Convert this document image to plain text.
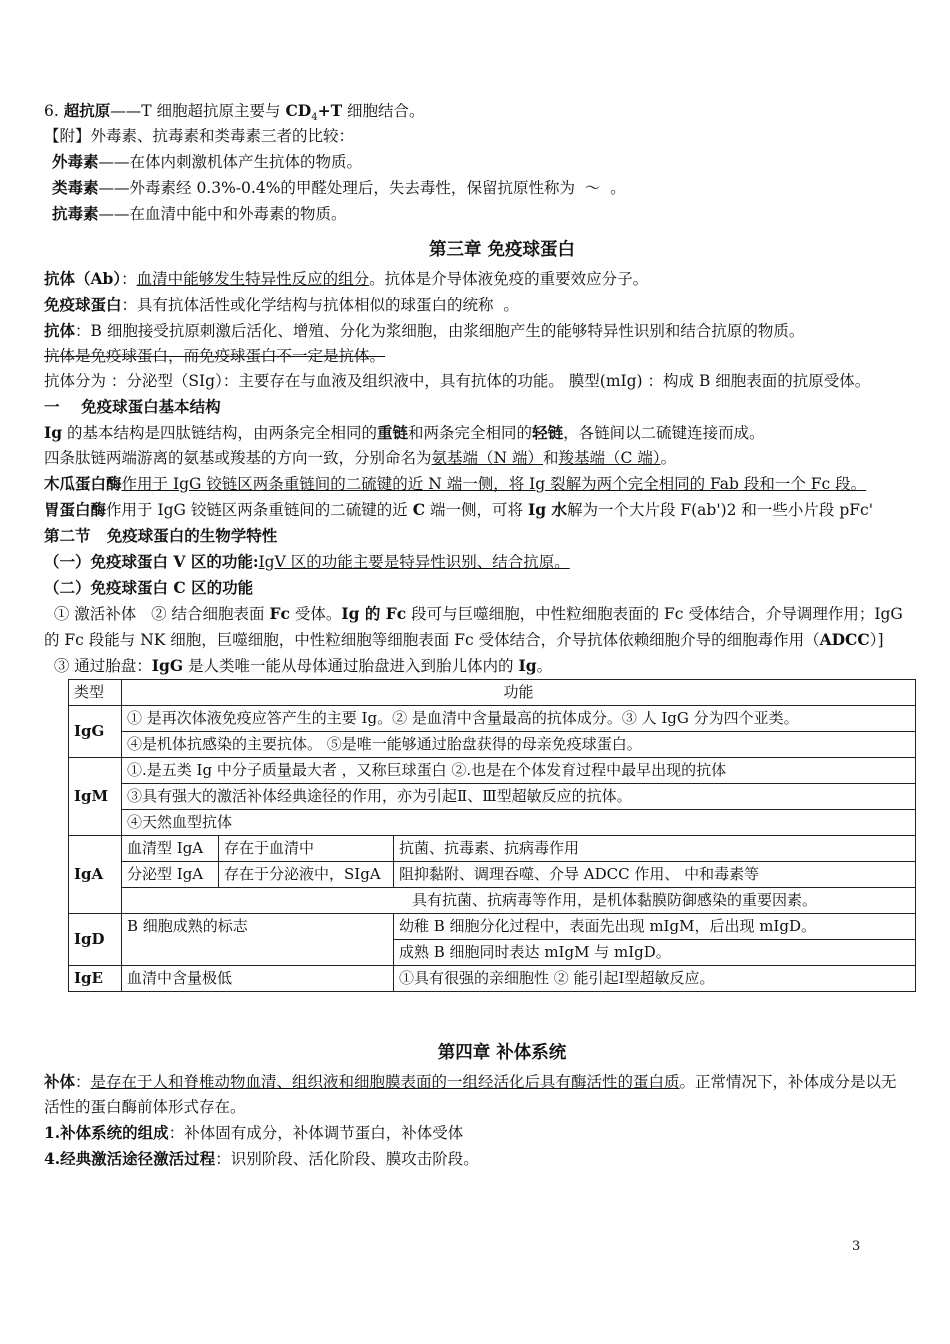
6. 超抗原——T 细胞超抗原主要与 $CD_4+T$ 细胞结合。

【附】外毒素、抗毒素和类毒素三者的比较：

外毒素——在体内刺激机体产生抗体的物质。

类毒素——外毒素经 0.3%-0.4%的甲醛处理后，失去毒性，保留抗原性称为  ～  。

抗毒素——在血清中能中和外毒素的物质。

第三章 免疫球蛋白

抗体（Ab）：血清中能够发生特异性反应的组分。抗体是介导体液免疫的重要效应分子。

免疫球蛋白：具有抗体活性或化学结构与抗体相似的球蛋白的统称  。

抗体：B 细胞接受抗原刺激后活化、增殖、分化为浆细胞，由浆细胞产生的能够特异性识别和结合抗原的物质。

抗体是免疫球蛋白，而免疫球蛋白不一定是抗体。

抗体分为 ：分泌型（SIg）：主要存在与血液及组织液中，具有抗体的功能。 膜型(mIg) ：构成 B 细胞表面的抗原受体。

一    免疫球蛋白基本结构

Ig 的基本结构是四肽链结构，由两条完全相同的重链和两条完全相同的轻链，各链间以二硫键连接而成。

四条肽链两端游离的氨基或羧基的方向一致，分别命名为氨基端（N 端）和羧基端（C 端）。

木瓜蛋白酶作用于 IgG 铰链区两条重链间的二硫键的近 N 端一侧，将 Ig 裂解为两个完全相同的 Fab 段和一个 Fc 段。

胃蛋白酶作用于 IgG 铰链区两条重链间的二硫键的近 C 端一侧，可将 Ig 水解为一个大片段 F(ab')2 和一些小片段 pFc'

第二节   免疫球蛋白的生物学特性

（一）免疫球蛋白 V 区的功能:IgV 区的功能主要是特异性识别、结合抗原。

（二）免疫球蛋白 C 区的功能

① 激活补体   ② 结合细胞表面 Fc 受体。Ig 的 Fc 段可与巨噬细胞，中性粒细胞表面的 Fc 受体结合，介导调理作用；IgG 的 Fc 段能与 NK 细胞，巨噬细胞，中性粒细胞等细胞表面 Fc 受体结合，介导抗体依赖细胞介导的细胞毒作用（ADCC）]

③ 通过胎盘：IgG 是人类唯一能从母体通过胎盘进入到胎儿体内的 Ig。

类型	功能		
IgG	① 是再次体液免疫应答产生的主要 Ig。② 是血清中含量最高的抗体成分。③ 人 IgG 分为四个亚类。		
	④是机体抗感染的主要抗体。 ⑤是唯一能够通过胎盘获得的母亲免疫球蛋白。		
IgM	①.是五类 Ig 中分子质量最大者 ，又称巨球蛋白 ②.也是在个体发育过程中最早出现的抗体		
	③具有强大的激活补体经典途径的作用，亦为引起Ⅱ、Ⅲ型超敏反应的抗体。		
	④天然血型抗体		
IgA	血清型 IgA	存在于血清中	抗菌、抗毒素、抗病毒作用
	分泌型 IgA	存在于分泌液中，SIgA	阻抑黏附、调理吞噬、介导 ADCC 作用、 中和毒素等
	具有抗菌、抗病毒等作用，是机体黏膜防御感染的重要因素。		
IgD	B 细胞成熟的标志		幼稚 B 细胞分化过程中，表面先出现 mIgM，后出现 mIgD。
			成熟 B 细胞同时表达 mIgM 与 mIgD。
IgE	血清中含量极低		①具有很强的亲细胞性 ② 能引起Ⅰ型超敏反应。
第四章 补体系统

补体：是存在于人和脊椎动物血清、组织液和细胞膜表面的一组经活化后具有酶活性的蛋白质。正常情况下，补体成分是以无活性的蛋白酶前体形式存在。

1.补体系统的组成：补体固有成分，补体调节蛋白，补体受体

4.经典激活途径激活过程：识别阶段、活化阶段、膜攻击阶段。

3
